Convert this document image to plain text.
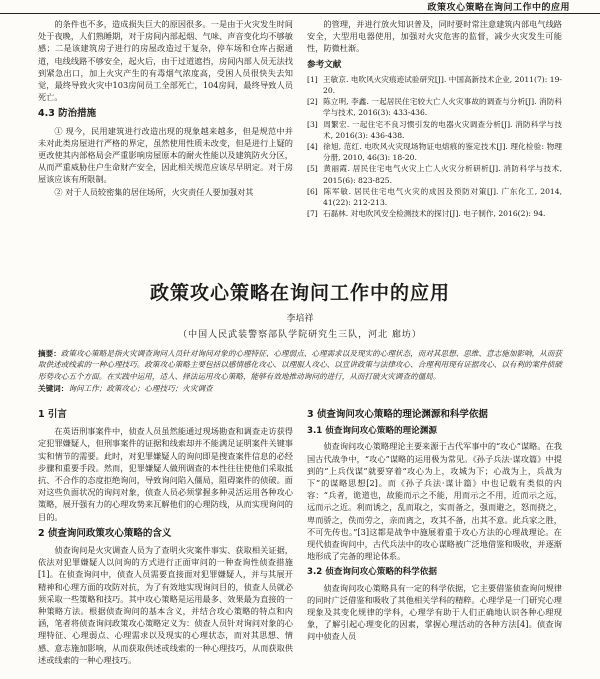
政策攻心策略在询问工作中的应用

的条件也不多，造成损失巨大的原因很多。一是由于火灾发生时间处于夜晚，人们熟睡期，对于房间内部起烟、气味、声音变化均不够敏感；二是该建筑房子进行的房屋改造过于复杂，停车场和仓库占据通道，电线线路不够安全，起火后，由于过道遮挡，房间内部人员无法找到紧急出口，加上火灾产生的有毒烟气浓度高，受困人员很快失去知觉，最终导致火灾中103房间员工全部死亡，104房间，最终导致人员死亡。

4.3 防治措施

① 现今，民用建筑进行改造出现的现象越来越多，但是规范中并未对此类房屋进行严格的界定，虽然使用性质未改变，但是进行上疑的更改使其内部格局会严重影响房屋原本的耐火性能以及建筑防火分区，从而严重威胁住户生命财产安全，因此相关规范应该尽早明定。对于房屋该应该有所限制。

② 对于人员较密集的居住场所，火灾责任人要加强对其

的管理，并进行放火知识普及，同时要时常注意建筑内部电气线路安全，大型用电器使用，加强对火灾危害的监督，减少火灾发生可能性，防微杜渐。

参考文献
[1] 王敏京. 电吹风火灾痕迹试验研究[J]. 中国高新技术企业, 2011(7): 19-20.
[2] 陈立明, 李鑫. 一起居民住宅较大亡人火灾事故的调查与分析[J]. 消防科学与技术, 2016(3): 433-436.
[3] 周繁宏. 一起住宅不良习惯引发的电器火灾调查分析[J]. 消防科学与技术, 2016(3): 436-438.
[4] 徐旭, 范红. 电吹风火灾现场物证电熔痕的鉴定技术[J]. 理化检验: 物理分册, 2010, 46(3): 18-20.
[5] 黄丽霞. 居民住宅电气火灾上亡人火灾分析研析[J]. 消防科学与技术, 2015(6): 823-825.
[6] 陈军敏. 居民住宅电气火灾的成因及预防对策[J]. 广东化工, 2014, 41(22): 212-213.
[7] 石磊林. 对电吹风安全检测技术的探讨[J]. 电子制作, 2016(2): 94.
政策攻心策略在询问工作中的应用
李培祥
（中国人民武装警察部队学院研究生三队，河北 廊坊）
摘要：政策攻心策略是指火灾调查询问人员针对询问对象的心理特征、心理弱点、心理需求以及现实的心理状态，而对其思想、思维、意志施加影响，从而获取供述或线索的一种心理技巧。政策攻心策略主要包括以感情感化攻心、以理服人攻心、以宣讲政策与法律攻心、合理利用现有证据攻心、以有利的案件侦破形势攻心五个方面。在实践中运用，适人、择法运用攻心策略，能够有效地推动询问的进行，从而打破火灾调查的僵局。
关键词：询问工作；政策攻心；心理技巧；火灾调查
1 引言

在英语刑事案件中，侦查人员虽然能通过现场勘查和调查走访获得定犯罪嫌疑人，但刑事案件的证据和线索却并不能满足证明案件关键事实和情节的需要。此时，对犯罪嫌疑人的询问即是搜查案件信息的必经步骤和重要手段。然而，犯罪嫌疑人做刑调查的本性往往使他们采取抵抗、不合作的态度拒绝询问，导致询问陷入僵局，阻碍案件的侦破。面对这些负面状况的询问对象，侦查人员必须掌握多种灵活运用各种攻心策略，展开强有力的心理攻势来瓦解他们的心理防线，从而实现询问的目的。

2 侦查询问政策攻心策略的含义

侦查询问是火灾调查人员为了查明火灾案件事实、获取相关证据，依法对犯罪嫌疑人以问询的方式进行正面审问的一种查询性侦查措施[1]。在侦查询问中，侦查人员需要直接面对犯罪嫌疑人，并与其展开精神和心理方面的攻防对抗，为了有效地实现询问目的，侦查人员就必须采取一些策略和技巧。其中攻心策略是运用最多、效果最为直接的一种策略方法。根据侦查询问的基本含义，并结合攻心策略的特点和内涵，笔者将侦查询问政策攻心策略定义为：侦查人员针对询问对象的心理特征、心理弱点、心理需求以及现实的心理状态，而对其思想、情感、意志施加影响，从而获取供述或线索的一种心理技巧，从而获取供述或线索的一种心理技巧。

3 侦查询问攻心策略的理论渊源和科学依据
3.1 侦查询问攻心策略的理论渊源

侦查询问攻心策略理论主要来源于古代军事中的“攻心”谋略。在我国古代战争中，“攻心”谋略的运用极为常见。《孙子兵法·谋攻篇》中提到的“上兵伐谋”就要穿着“攻心为上，攻城为下；心战为上，兵战为下”的谋略思想[2]。而《孙子兵法·谋计篇》中也记载有类似的内容：“兵者，诡道也，故能而示之不能，用而示之不用，近而示之远，远而示之近。利而诱之，乱而取之，实而备之，强而避之，怒而挠之，卑而骄之，佚而劳之，亲而离之，攻其不备，出其不意。此兵家之胜，不可先传也。”[3]这都是战争中施展着重于攻心方法的心理战理论。在现代侦查询问中，古代兵法中的攻心谋略被广泛地借鉴和吸收，并逐渐地形成了完备的理论体系。

3.2 侦查询问攻心策略的科学依据

侦查询问攻心策略具有一定的科学依据，它主要借鉴侦查询问规律的同时广泛借鉴和吸收了其他相关学科的精粹。心理学是一门研究心理现象及其变化规律的学科，心理学有助于人们正确地认识各种心理现象，了解引起心理变化的因素，掌握心理活动的各种方法[4]。侦查询问中侦查人员
